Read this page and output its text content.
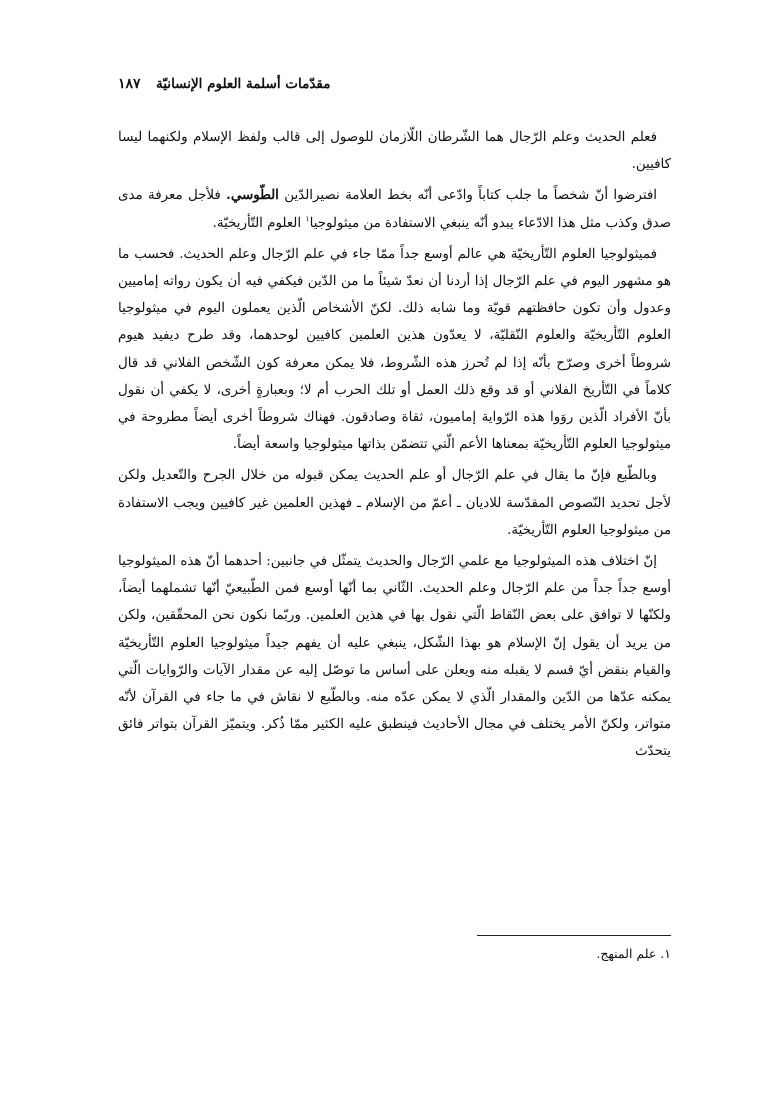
مقدّمات أسلمة العلوم الإنسانيّة
١٨٧

فعلم الحديث وعلم الرّجال هما الشّرطان اللّازمان للوصول إلى قالب ولفظ الإسلام ولكنهما ليسا كافيين.

افترضوا أنّ شخصاً ما جلب كتاباً وادّعى أنّه بخط العلامة نصيرالدّين الطّوسي. فلأجل معرفة مدى صدق وكذب مثل هذا الادّعاء يبدو أنّه ينبغي الاستفادة من ميثولوجيا$^١$ العلوم التّأريخيّة.

فميثولوجيا العلوم التّأريخيّة هي عالم أوسع جداً ممّا جاء في علم الرّجال وعلم الحديث. فحسب ما هو مشهور اليوم في علم الرّجال إذا أردنا أن نعدّ شيئاً ما من الدّين فيكفي فيه أن يكون رواته إماميين وعدول وأن تكون حافظتهم قويّة وما شابه ذلك. لكنّ الأشخاص الّذين يعملون اليوم في ميثولوجيا العلوم التّأريخيّة والعلوم النّقليّة، لا يعدّون هذين العلمين كافيين لوحدهما، وقد طرح ديفيد هيوم شروطاً أخرى وصرّح بأنّه إذا لم تُحرز هذه الشّروط، فلا يمكن معرفة كون الشّخص الفلاني قد قال كلاماً في التّأريخ الفلاني أو قد وقع ذلك العمل أو تلك الحرب أم لا؛ وبعبارةٍ أخرى، لا يكفي أن نقول بأنّ الأفراد الّذين روَوا هذه الرّواية إماميون، ثقاة وصادقون. فهناك شروطاً أخرى أيضاً مطروحة في ميثولوجيا العلوم التّأريخيّة بمعناها الأعم الّتي تتضمّن بذاتها ميثولوجيا واسعة أيضاً.

وبالطّبع فإنّ ما يقال في علم الرّجال أو علم الحديث يمكن قبوله من خلال الجرح والتّعديل ولكن لأجل تحديد النّصوص المقدّسة للاديان ـ أعمّ من الإسلام ـ فهذين العلمين غير كافيين ويجب الاستفادة من ميثولوجيا العلوم التّأريخيّة.

إنّ اختلاف هذه الميثولوجيا مع علمي الرّجال والحديث يتمثّل في جانبين: أحدهما أنّ هذه الميثولوجيا أوسع جداً جداً من علم الرّجال وعلم الحديث. الثّاني بما أنّها أوسع فمن الطّبيعيّ أنّها تشملهما أيضاً، ولكنّها لا توافق على بعض النّقاط الّتي نقول بها في هذين العلمين. وربّما نكون نحن المحقّقين، ولكن من يريد أن يقول إنّ الإسلام هو بهذا الشّكل، ينبغي عليه أن يفهم جيداً ميثولوجيا العلوم التّأريخيّة والقيام بنقض أيّ قسم لا يقبله منه ويعلن على أساس ما توصّل إليه عن مقدار الآيات والرّوايات الّتي يمكنه عدّها من الدّين والمقدار الّذي لا يمكن عدّه منه. وبالطّبع لا نقاش في ما جاء في القرآن لأنّه متواتر، ولكنّ الأمر يختلف في مجال الأحاديث فينطبق عليه الكثير ممّا ذُكر. ويتميّز القرآن بتواتر فائق يتحدّث

١. علم المنهج.
